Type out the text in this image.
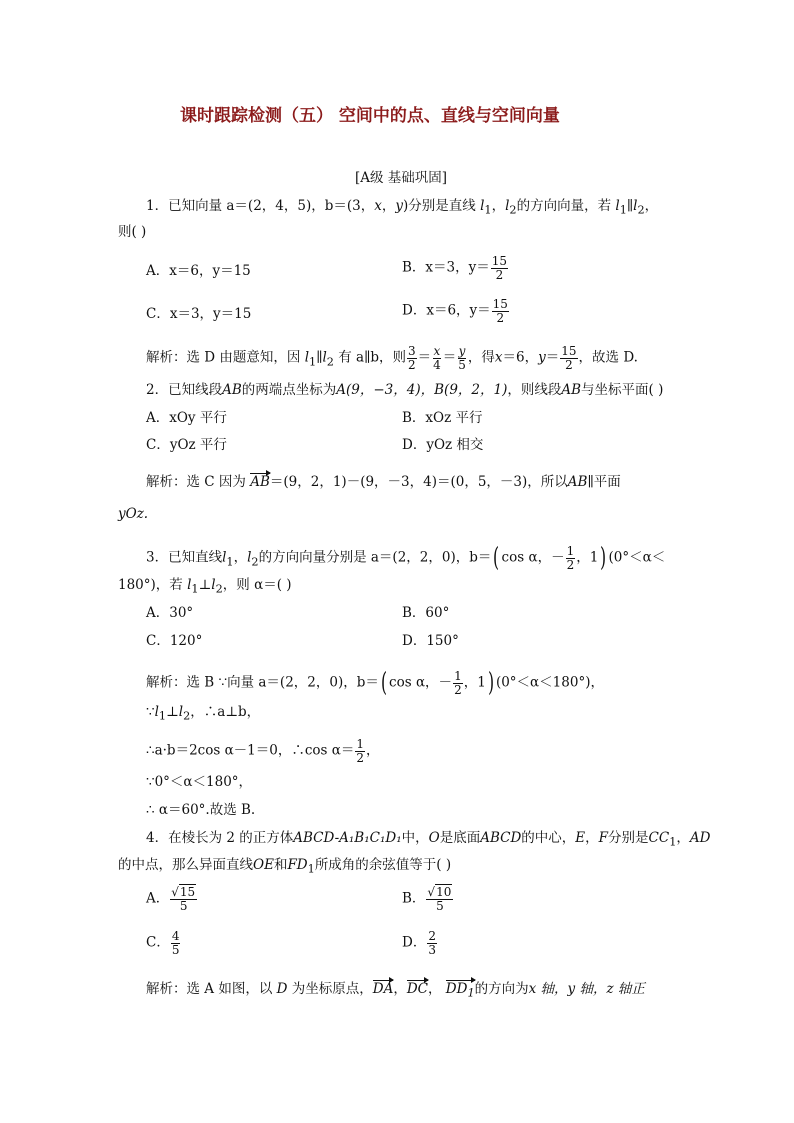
课时跟踪检测（五） 空间中的点、直线与空间向量
[A级 基础巩固]
1．已知向量 a＝(2，4，5)，b＝(3，x，y)分别是直线 $l_1$，$l_2$的方向向量，若 $l_1\parallel l_2$，
则( )
A．x＝6，y＝15	B．x＝3，$y= \frac{15}{2}$
C．x＝3，y＝15	D．x＝6，$y= \frac{15}{2}$
解析：选 D 由题意知，因 $l_1\parallel l_2$ 有 a∥b，则 $\frac{3}{2} = \frac{x}{4} = \frac{y}{5}$ ，得x＝6，$y= \frac{15}{2}$ ，故选 D.
2．已知线段AB的两端点坐标为A(9，−3，4)，B(9，2，1)，则线段AB与坐标平面( )
A．xOy 平行	B．xOz 平行
C．yOz 平行	D．yOz 相交
解析：选 C 因为 AB＝(9，2，1)－(9，－3，4)＝(0，5，－3)，所以AB∥平面
yOz.
3．已知直线$l_1$，$l_2$的方向向量分别是 a＝(2，2，0)，b＝( cos α，－ $\frac{1}{2}$ ，1) (0°＜α＜
180°)，若 $l_1\perp l_2$，则 α＝( )
A．30°	B．60°
C．120°	D．150°
解析：选 B ∵向量 a＝(2，2，0)，b＝( cos α，－ $\frac{1}{2}$ ，1) (0°＜α＜180°)，
$\because l_1\perp l_2$，∴a⊥b，
∴a·b＝2cos α－1＝0，∴cos $\alpha= \frac{1}{2}$ ，
∵0°＜α＜180°，
∴ α＝60°.故选 B.
4．在棱长为 2 的正方体ABCD-A₁B₁C₁D₁中，O是底面ABCD的中心，E，F分别是$CC_1$，AD
的中点，那么异面直线OE和$FD_1$所成角的余弦值等于( )
A． $\frac{√15}{5}$	B． $\frac{√10}{5}$
C． $\frac{4}{5}$	D． $\frac{2}{3}$
解析：选 A 如图，以 D 为坐标原点，DA，DC， $DD_1$的方向为x 轴，y 轴，z 轴正
